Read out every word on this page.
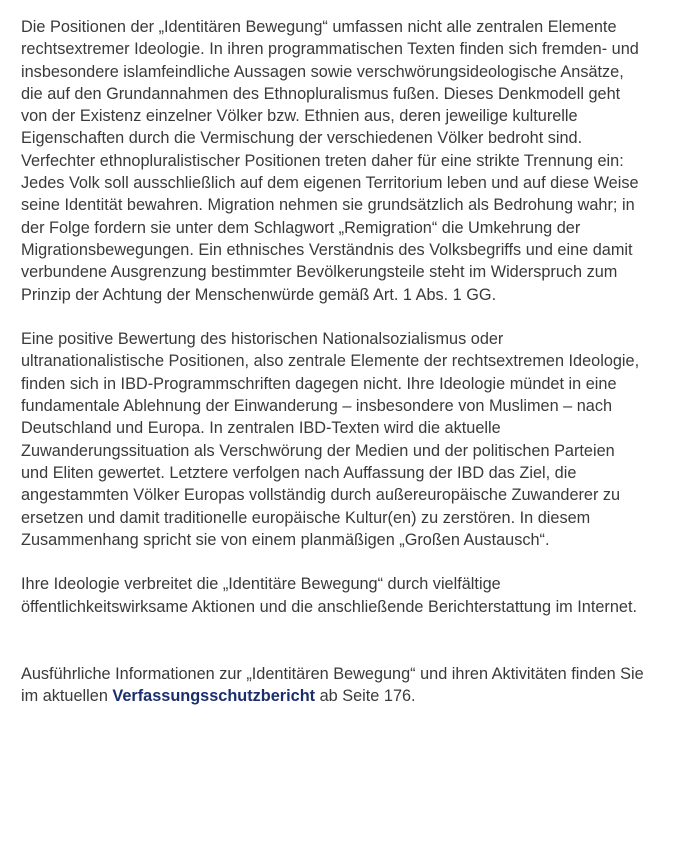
Die Positionen der „Identitären Bewegung“ umfassen nicht alle zentralen Elemente rechtsextremer Ideologie. In ihren programmatischen Texten finden sich fremden- und insbesondere islamfeindliche Aussagen sowie verschwörungsideologische Ansätze, die auf den Grundannahmen des Ethnopluralismus fußen. Dieses Denkmodell geht von der Existenz einzelner Völker bzw. Ethnien aus, deren jeweilige kulturelle Eigenschaften durch die Vermischung der verschiedenen Völker bedroht sind. Verfechter ethnopluralistischer Positionen treten daher für eine strikte Trennung ein: Jedes Volk soll ausschließlich auf dem eigenen Territorium leben und auf diese Weise seine Identität bewahren. Migration nehmen sie grundsätzlich als Bedrohung wahr; in der Folge fordern sie unter dem Schlagwort „Remigration“ die Umkehrung der Migrationsbewegungen. Ein ethnisches Verständnis des Volksbegriffs und eine damit verbundene Ausgrenzung bestimmter Bevölkerungsteile steht im Widerspruch zum Prinzip der Achtung der Menschenwürde gemäß Art. 1 Abs. 1 GG.

Eine positive Bewertung des historischen Nationalsozialismus oder ultranationalistische Positionen, also zentrale Elemente der rechtsextremen Ideologie, finden sich in IBD-Programmschriften dagegen nicht. Ihre Ideologie mündet in eine fundamentale Ablehnung der Einwanderung – insbesondere von Muslimen – nach Deutschland und Europa. In zentralen IBD-Texten wird die aktuelle Zuwanderungssituation als Verschwörung der Medien und der politischen Parteien und Eliten gewertet. Letztere verfolgen nach Auffassung der IBD das Ziel, die angestammten Völker Europas vollständig durch außereuropäische Zuwanderer zu ersetzen und damit traditionelle europäische Kultur(en) zu zerstören. In diesem Zusammenhang spricht sie von einem planmäßigen „Großen Austausch“.

Ihre Ideologie verbreitet die „Identitäre Bewegung“ durch vielfältige öffentlichkeitswirksame Aktionen und die anschließende Berichterstattung im Internet.

Ausführliche Informationen zur „Identitären Bewegung“ und ihren Aktivitäten finden Sie im aktuellen Verfassungsschutzbericht ab Seite 176.
